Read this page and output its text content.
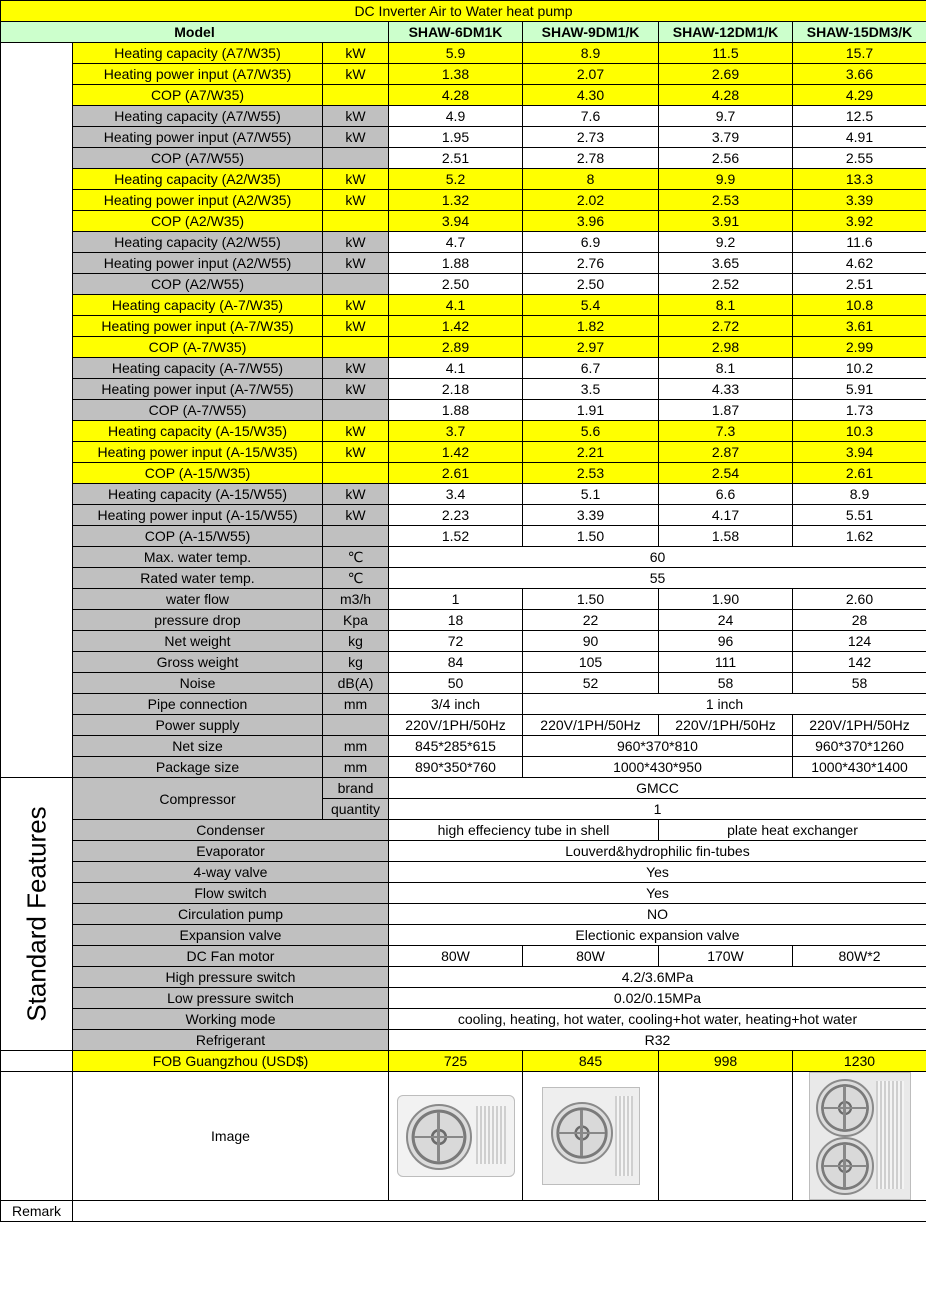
DC Inverter Air to Water heat pump						
Model			SHAW-6DM1K	SHAW-9DM1/K	SHAW-12DM1/K	SHAW-15DM3/K
	Heating capacity (A7/W35)	kW	5.9	8.9	11.5	15.7
	Heating power input (A7/W35)	kW	1.38	2.07	2.69	3.66
	COP (A7/W35)		4.28	4.30	4.28	4.29
	Heating capacity (A7/W55)	kW	4.9	7.6	9.7	12.5
	Heating power input (A7/W55)	kW	1.95	2.73	3.79	4.91
	COP (A7/W55)		2.51	2.78	2.56	2.55
	Heating capacity (A2/W35)	kW	5.2	8	9.9	13.3
	Heating power input (A2/W35)	kW	1.32	2.02	2.53	3.39
	COP (A2/W35)		3.94	3.96	3.91	3.92
	Heating capacity (A2/W55)	kW	4.7	6.9	9.2	11.6
	Heating power input (A2/W55)	kW	1.88	2.76	3.65	4.62
	COP (A2/W55)		2.50	2.50	2.52	2.51
	Heating capacity (A-7/W35)	kW	4.1	5.4	8.1	10.8
	Heating power input (A-7/W35)	kW	1.42	1.82	2.72	3.61
	COP (A-7/W35)		2.89	2.97	2.98	2.99
	Heating capacity (A-7/W55)	kW	4.1	6.7	8.1	10.2
	Heating power input (A-7/W55)	kW	2.18	3.5	4.33	5.91
	COP (A-7/W55)		1.88	1.91	1.87	1.73
	Heating capacity (A-15/W35)	kW	3.7	5.6	7.3	10.3
	Heating power input (A-15/W35)	kW	1.42	2.21	2.87	3.94
	COP (A-15/W35)		2.61	2.53	2.54	2.61
	Heating capacity (A-15/W55)	kW	3.4	5.1	6.6	8.9
	Heating power input (A-15/W55)	kW	2.23	3.39	4.17	5.51
	COP (A-15/W55)		1.52	1.50	1.58	1.62
	Max. water temp.	℃	60			
	Rated water temp.	℃	55			
	water flow	m3/h	1	1.50	1.90	2.60
	pressure drop	Kpa	18	22	24	28
	Net weight	kg	72	90	96	124
	Gross weight	kg	84	105	111	142
	Noise	dB(A)	50	52	58	58
	Pipe connection	mm	3/4 inch	1 inch		
	Power supply		220V/1PH/50Hz	220V/1PH/50Hz	220V/1PH/50Hz	220V/1PH/50Hz
	Net size	mm	845*285*615	960*370*810		960*370*1260
	Package size	mm	890*350*760	1000*430*950		1000*430*1400

Standard Features	Compressor	brand	GMCC			
		quantity	1			
	Condenser		high effeciency tube in shell		plate heat exchanger	
	Evaporator		Louverd&hydrophilic fin-tubes			
	4-way valve		Yes			
	Flow switch		Yes			
	Circulation pump		NO			
	Expansion valve		Electionic expansion valve			
	DC Fan motor		80W	80W	170W	80W*2
	High pressure switch		4.2/3.6MPa			
	Low pressure switch		0.02/0.15MPa			
	Working mode		cooling, heating, hot water, cooling+hot water, heating+hot water			
	Refrigerant		R32			
	FOB Guangzhou (USD$)		725	845	998	1230
	Image		

Remark						
